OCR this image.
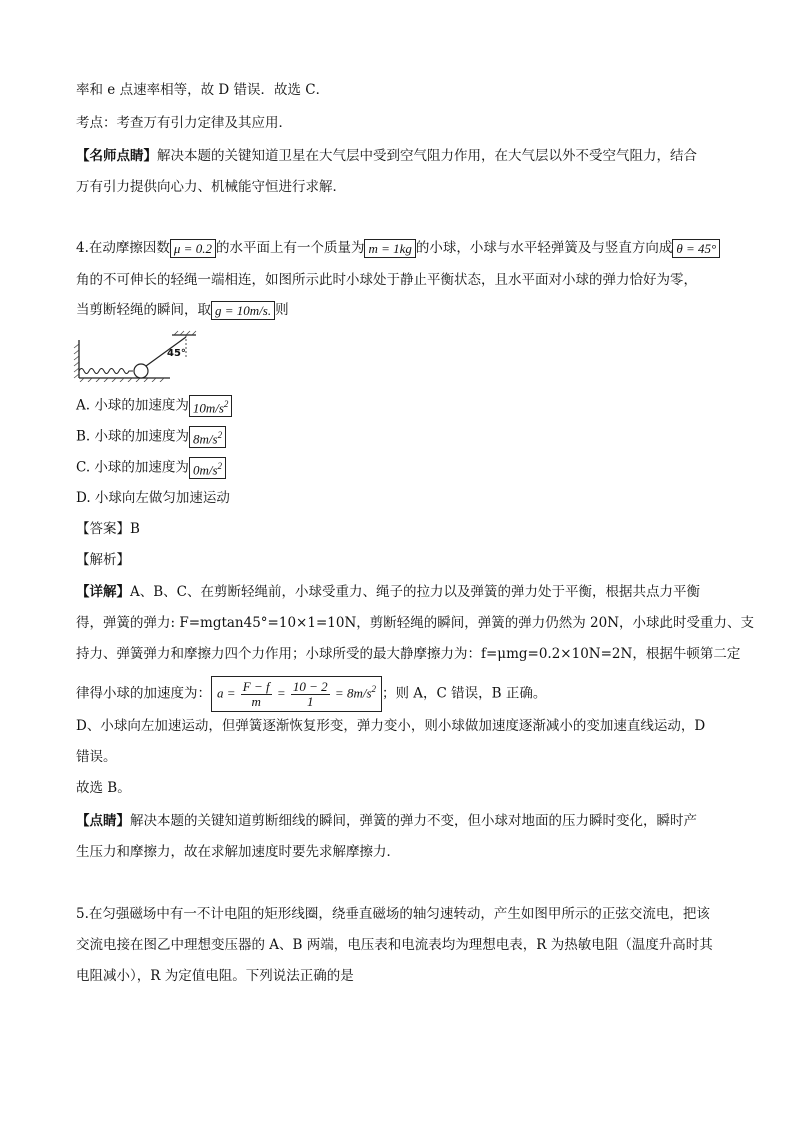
率和 e 点速率相等，故 D 错误．故选 C．
考点：考查万有引力定律及其应用．
【名师点睛】解决本题的关键知道卫星在大气层中受到空气阻力作用，在大气层以外不受空气阻力，结合
万有引力提供向心力、机械能守恒进行求解．
4.在动摩擦因数 μ = 0.2 的水平面上有一个质量为 m = 1kg 的小球，小球与水平轻弹簧及与竖直方向成 θ = 45°
角的不可伸长的轻绳一端相连，如图所示此时小球处于静止平衡状态，且水平面对小球的弹力恰好为零，
当剪断轻绳的瞬间，取 g = 10m/s. 则
45°
A. 小球的加速度为 $10m/s^2$
B. 小球的加速度为 $8m/s^2$
C. 小球的加速度为 $0m/s^2$
D. 小球向左做匀加速运动
【答案】B
【解析】
【详解】A、B、C、在剪断轻绳前，小球受重力、绳子的拉力以及弹簧的弹力处于平衡，根据共点力平衡
得，弹簧的弹力: F=mgtan45°=10×1=10N，剪断轻绳的瞬间，弹簧的弹力仍然为 20N，小球此时受重力、支
持力、弹簧弹力和摩擦力四个力作用；小球所受的最大静摩擦力为：f=μmg=0.2×10N=2N，根据牛顿第二定
律得小球的加速度为： $a = \frac{F - f}{m} = \frac{10 - 2}{1} = 8m/s^2$ ；则 A，C 错误，B 正确。
D、小球向左加速运动，但弹簧逐渐恢复形变，弹力变小，则小球做加速度逐渐减小的变加速直线运动，D
错误。
故选 B。
【点睛】解决本题的关键知道剪断细线的瞬间，弹簧的弹力不变，但小球对地面的压力瞬时变化，瞬时产
生压力和摩擦力，故在求解加速度时要先求解摩擦力．
5.在匀强磁场中有一不计电阻的矩形线圈，绕垂直磁场的轴匀速转动，产生如图甲所示的正弦交流电，把该
交流电接在图乙中理想变压器的 A、B 两端，电压表和电流表均为理想电表，R 为热敏电阻（温度升高时其
电阻减小），R 为定值电阻。下列说法正确的是
